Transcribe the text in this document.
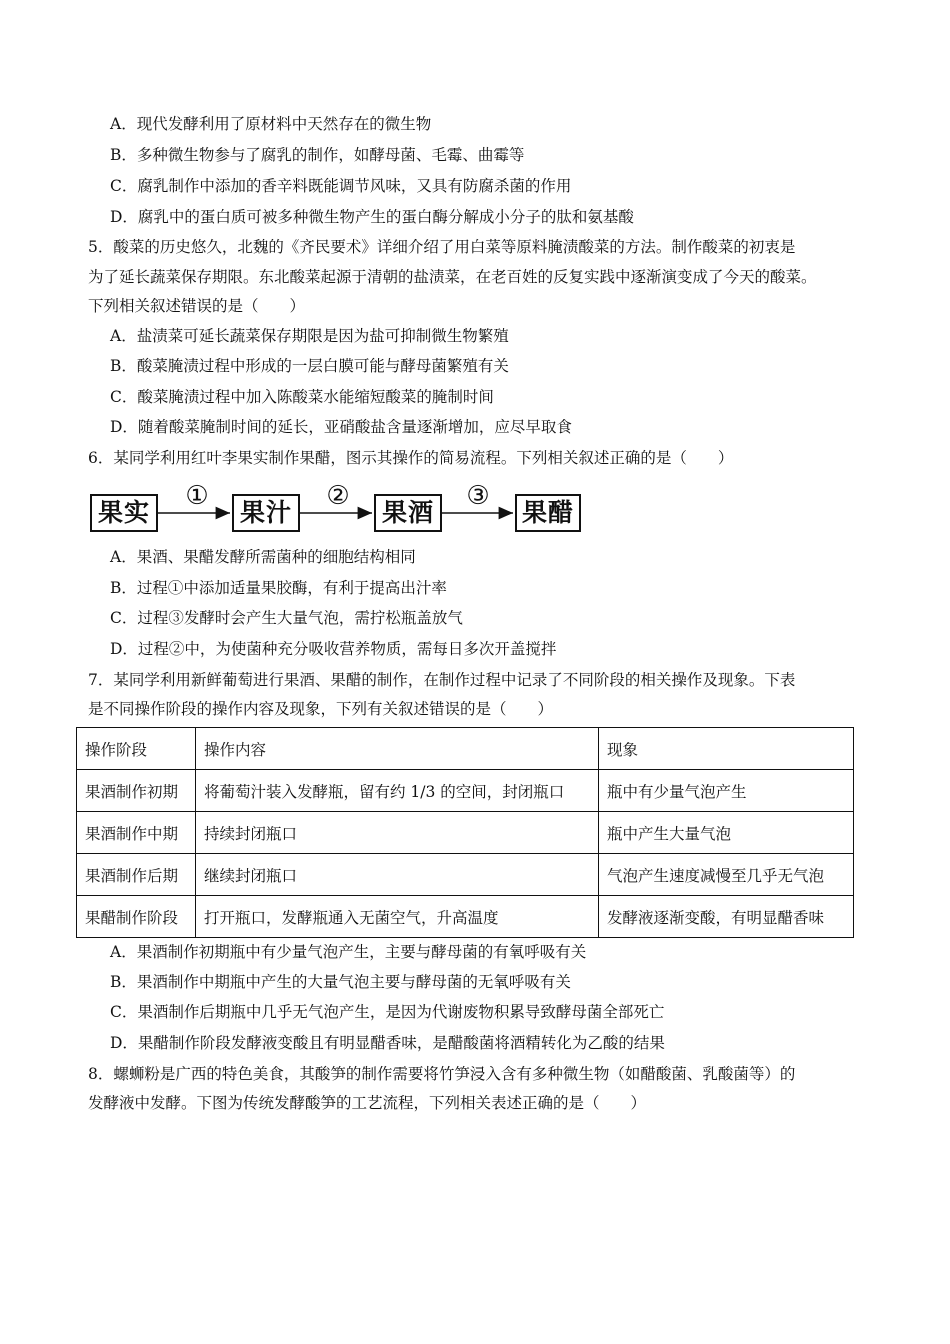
A．现代发酵利用了原材料中天然存在的微生物
B．多种微生物参与了腐乳的制作，如酵母菌、毛霉、曲霉等
C．腐乳制作中添加的香辛料既能调节风味，又具有防腐杀菌的作用
D．腐乳中的蛋白质可被多种微生物产生的蛋白酶分解成小分子的肽和氨基酸
5．酸菜的历史悠久，北魏的《齐民要术》详细介绍了用白菜等原料腌渍酸菜的方法。制作酸菜的初衷是
为了延长蔬菜保存期限。东北酸菜起源于清朝的盐渍菜，在老百姓的反复实践中逐渐演变成了今天的酸菜。
下列相关叙述错误的是（　　）
A．盐渍菜可延长蔬菜保存期限是因为盐可抑制微生物繁殖
B．酸菜腌渍过程中形成的一层白膜可能与酵母菌繁殖有关
C．酸菜腌渍过程中加入陈酸菜水能缩短酸菜的腌制时间
D．随着酸菜腌制时间的延长，亚硝酸盐含量逐渐增加，应尽早取食
6．某同学利用红叶李果实制作果醋，图示其操作的简易流程。下列相关叙述正确的是（　　）
果实
①
果汁
②
果酒
③
果醋
A．果酒、果醋发酵所需菌种的细胞结构相同
B．过程①中添加适量果胶酶，有利于提高出汁率
C．过程③发酵时会产生大量气泡，需拧松瓶盖放气
D．过程②中，为使菌种充分吸收营养物质，需每日多次开盖搅拌
7．某同学利用新鲜葡萄进行果酒、果醋的制作，在制作过程中记录了不同阶段的相关操作及现象。下表
是不同操作阶段的操作内容及现象，下列有关叙述错误的是（　　）
操作阶段	操作内容	现象
果酒制作初期	将葡萄汁装入发酵瓶，留有约 1/3 的空间，封闭瓶口	瓶中有少量气泡产生
果酒制作中期	持续封闭瓶口	瓶中产生大量气泡
果酒制作后期	继续封闭瓶口	气泡产生速度减慢至几乎无气泡
果醋制作阶段	打开瓶口，发酵瓶通入无菌空气，升高温度	发酵液逐渐变酸，有明显醋香味
A．果酒制作初期瓶中有少量气泡产生，主要与酵母菌的有氧呼吸有关
B．果酒制作中期瓶中产生的大量气泡主要与酵母菌的无氧呼吸有关
C．果酒制作后期瓶中几乎无气泡产生，是因为代谢废物积累导致酵母菌全部死亡
D．果醋制作阶段发酵液变酸且有明显醋香味，是醋酸菌将酒精转化为乙酸的结果
8．螺蛳粉是广西的特色美食，其酸笋的制作需要将竹笋浸入含有多种微生物（如醋酸菌、乳酸菌等）的
发酵液中发酵。下图为传统发酵酸笋的工艺流程，下列相关表述正确的是（　　）
